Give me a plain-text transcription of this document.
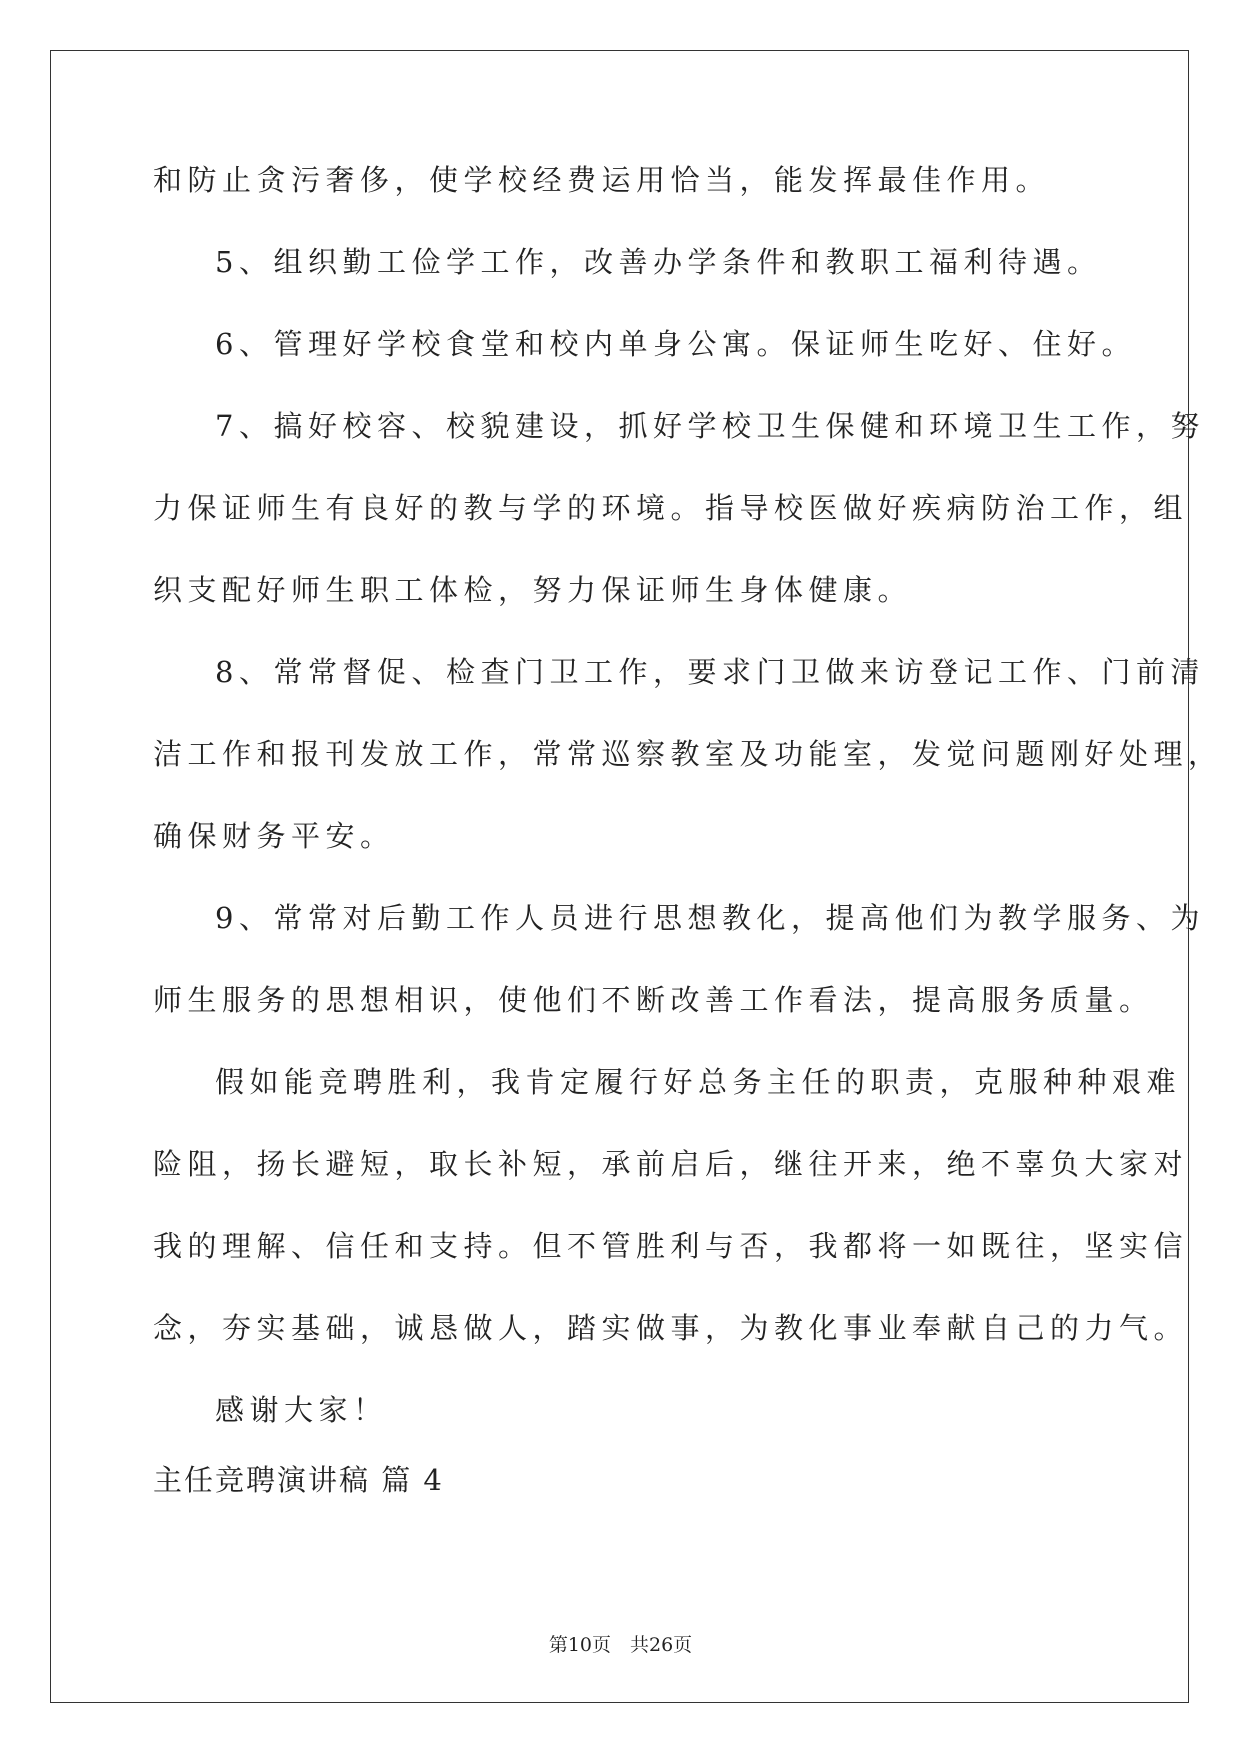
和防止贪污奢侈，使学校经费运用恰当，能发挥最佳作用。
5、组织勤工俭学工作，改善办学条件和教职工福利待遇。
6、管理好学校食堂和校内单身公寓。保证师生吃好、住好。
7、搞好校容、校貌建设，抓好学校卫生保健和环境卫生工作，努
力保证师生有良好的教与学的环境。指导校医做好疾病防治工作，组
织支配好师生职工体检，努力保证师生身体健康。
8、常常督促、检查门卫工作，要求门卫做来访登记工作、门前清
洁工作和报刊发放工作，常常巡察教室及功能室，发觉问题刚好处理，
确保财务平安。
9、常常对后勤工作人员进行思想教化，提高他们为教学服务、为
师生服务的思想相识，使他们不断改善工作看法，提高服务质量。
假如能竞聘胜利，我肯定履行好总务主任的职责，克服种种艰难
险阻，扬长避短，取长补短，承前启后，继往开来，绝不辜负大家对
我的理解、信任和支持。但不管胜利与否，我都将一如既往，坚实信
念，夯实基础，诚恳做人，踏实做事，为教化事业奉献自己的力气。
感谢大家！
主任竞聘演讲稿 篇 4
第10页　共26页
